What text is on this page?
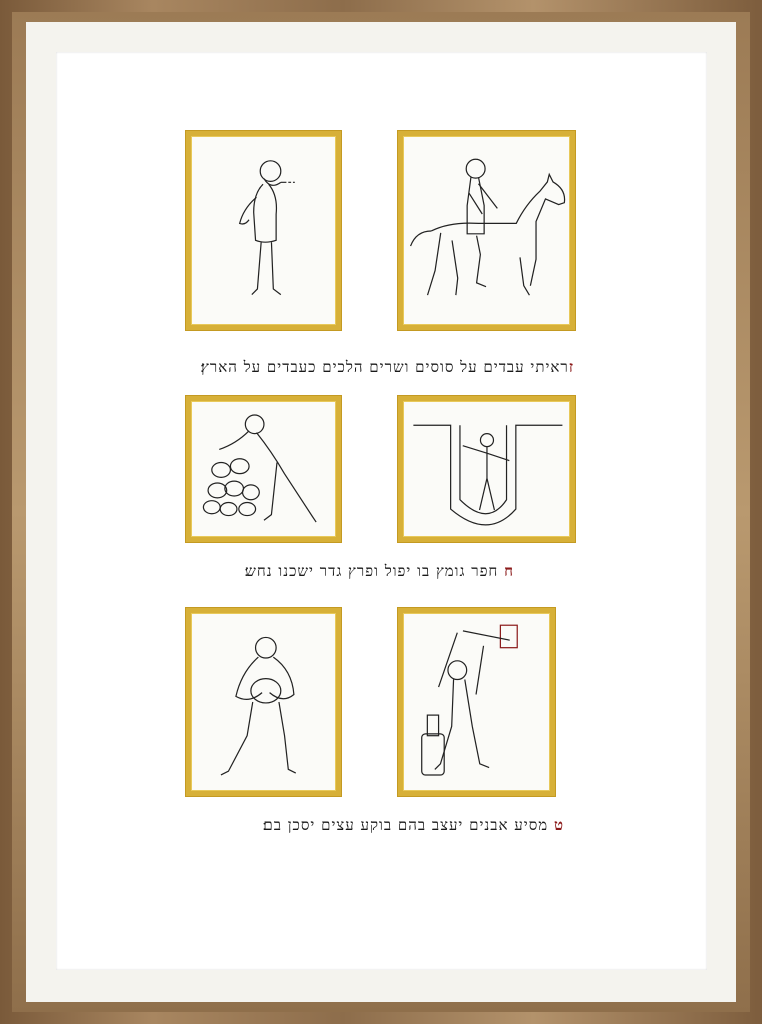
זראיתי עבדים על סוסים ושרים הלכים כעבדים על הארץ׃
ח חפר גומץ בו יפול ופרץ גדר ישכנו נחש׃
ט מסיע אבנים יעצב בהם בוקע עצים יסכן בם׃
